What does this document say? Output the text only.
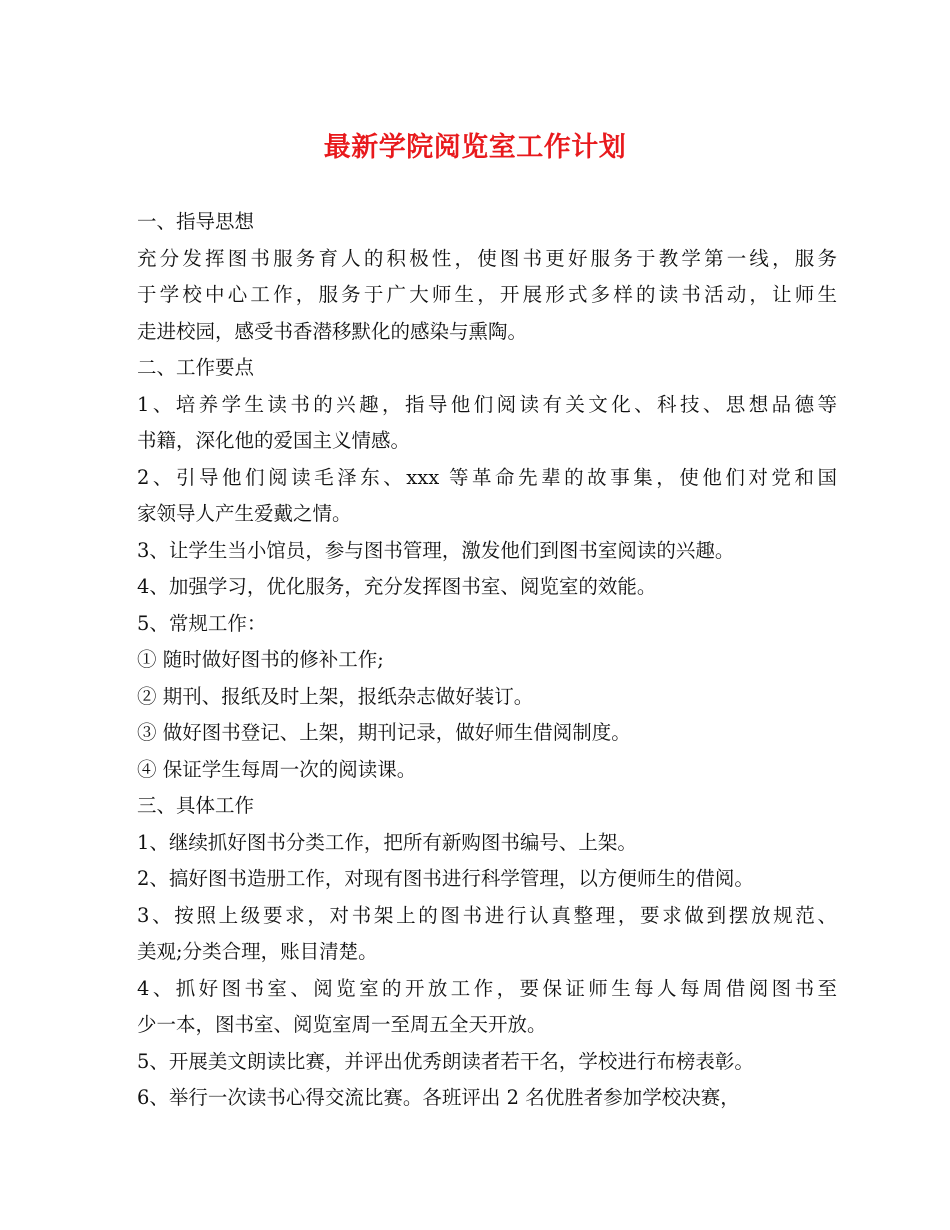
最新学院阅览室工作计划
一、指导思想
充分发挥图书服务育人的积极性，使图书更好服务于教学第一线，服务
于学校中心工作，服务于广大师生，开展形式多样的读书活动，让师生
走进校园，感受书香潜移默化的感染与熏陶。
二、工作要点
1、培养学生读书的兴趣，指导他们阅读有关文化、科技、思想品德等
书籍，深化他的爱国主义情感。
2、引导他们阅读毛泽东、xxx 等革命先辈的故事集，使他们对党和国
家领导人产生爱戴之情。
3、让学生当小馆员，参与图书管理，激发他们到图书室阅读的兴趣。
4、加强学习，优化服务，充分发挥图书室、阅览室的效能。
5、常规工作：
① 随时做好图书的修补工作;
② 期刊、报纸及时上架，报纸杂志做好装订。
③ 做好图书登记、上架，期刊记录，做好师生借阅制度。
④ 保证学生每周一次的阅读课。
三、具体工作
1、继续抓好图书分类工作，把所有新购图书编号、上架。
2、搞好图书造册工作，对现有图书进行科学管理，以方便师生的借阅。
3、按照上级要求，对书架上的图书进行认真整理，要求做到摆放规范、
美观;分类合理，账目清楚。
4、抓好图书室、阅览室的开放工作，要保证师生每人每周借阅图书至
少一本，图书室、阅览室周一至周五全天开放。
5、开展美文朗读比赛，并评出优秀朗读者若干名，学校进行布榜表彰。
6、举行一次读书心得交流比赛。各班评出 2 名优胜者参加学校决赛，
